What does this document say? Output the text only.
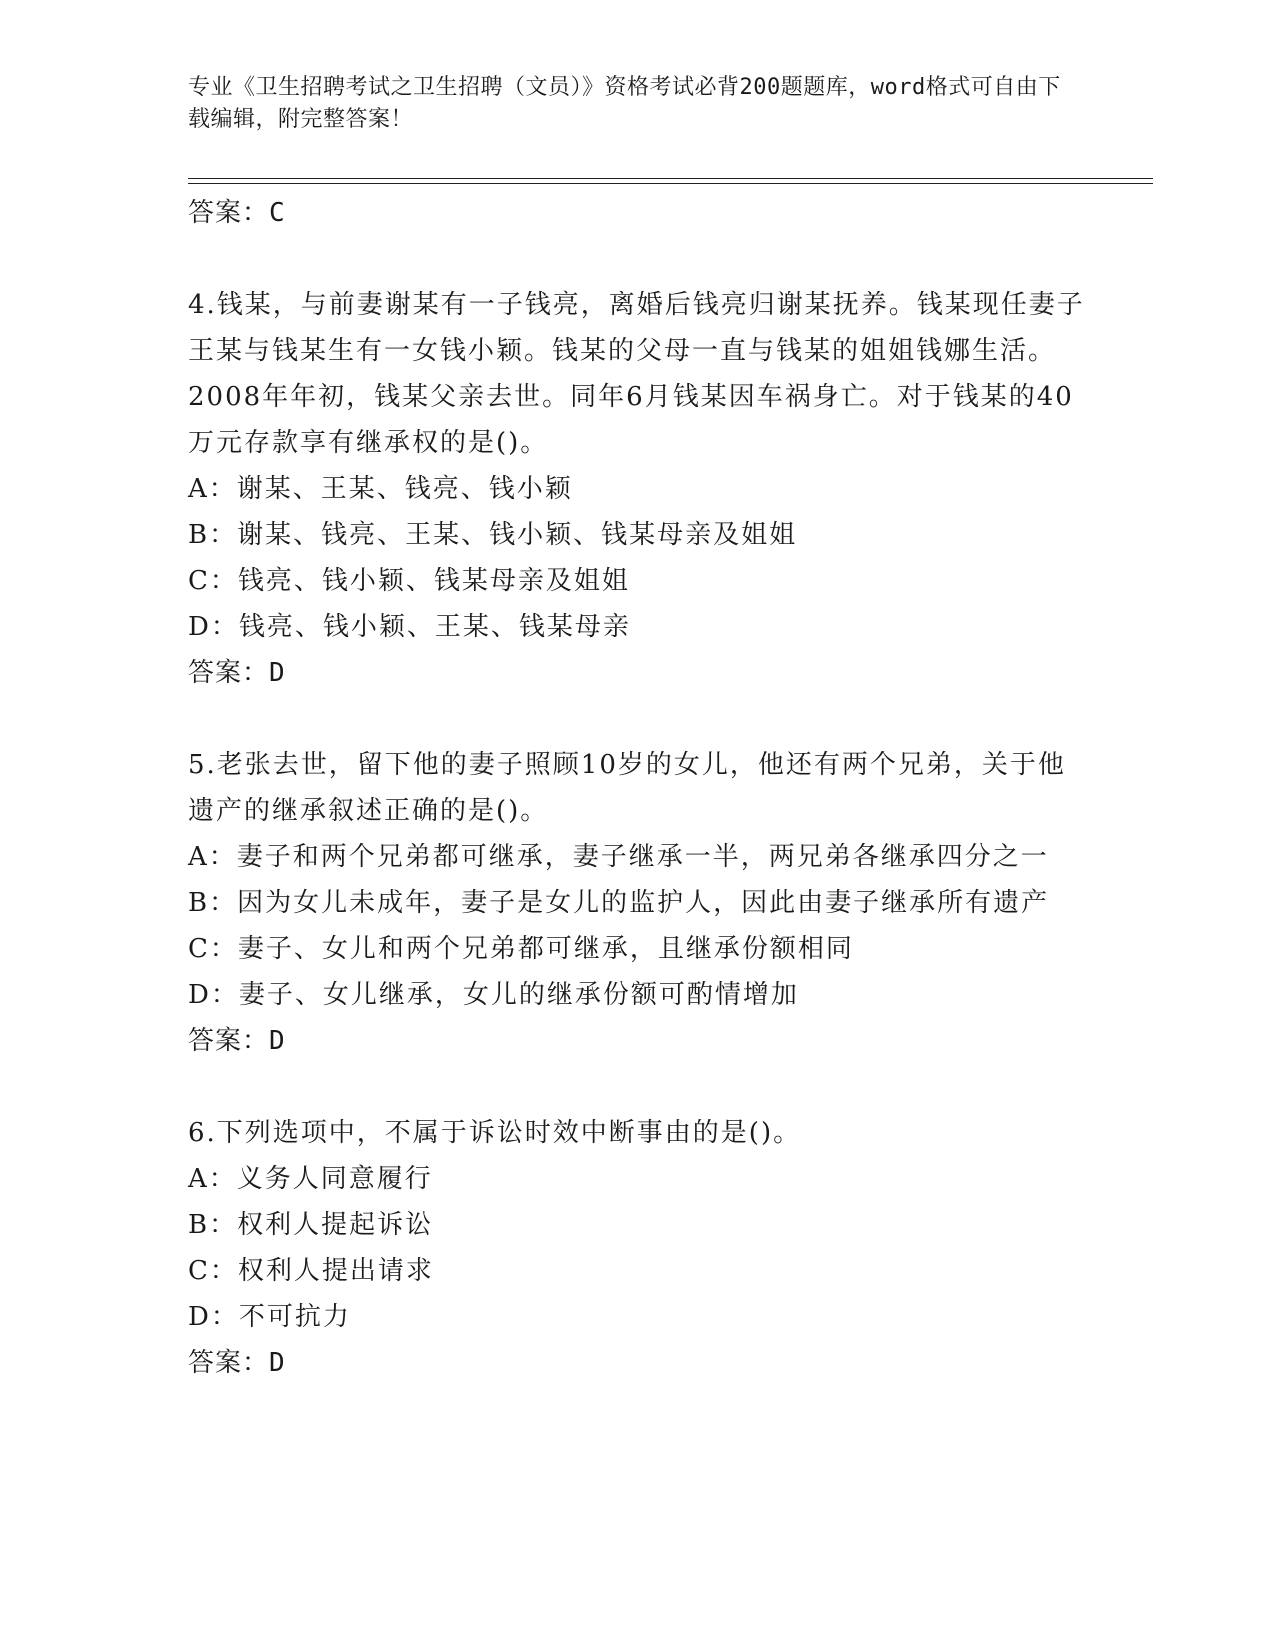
专业《卫生招聘考试之卫生招聘（文员）》资格考试必背200题题库，word格式可自由下载编辑，附完整答案！
答案：C
4.钱某，与前妻谢某有一子钱亮，离婚后钱亮归谢某抚养。钱某现任妻子王某与钱某生有一女钱小颖。钱某的父母一直与钱某的姐姐钱娜生活。2008年年初，钱某父亲去世。同年6月钱某因车祸身亡。对于钱某的40万元存款享有继承权的是()。
A：谢某、王某、钱亮、钱小颖
B：谢某、钱亮、王某、钱小颖、钱某母亲及姐姐
C：钱亮、钱小颖、钱某母亲及姐姐
D：钱亮、钱小颖、王某、钱某母亲
答案：D
5.老张去世，留下他的妻子照顾10岁的女儿，他还有两个兄弟，关于他遗产的继承叙述正确的是()。
A：妻子和两个兄弟都可继承，妻子继承一半，两兄弟各继承四分之一
B：因为女儿未成年，妻子是女儿的监护人，因此由妻子继承所有遗产
C：妻子、女儿和两个兄弟都可继承，且继承份额相同
D：妻子、女儿继承，女儿的继承份额可酌情增加
答案：D
6.下列选项中，不属于诉讼时效中断事由的是()。
A：义务人同意履行
B：权利人提起诉讼
C：权利人提出请求
D：不可抗力
答案：D
